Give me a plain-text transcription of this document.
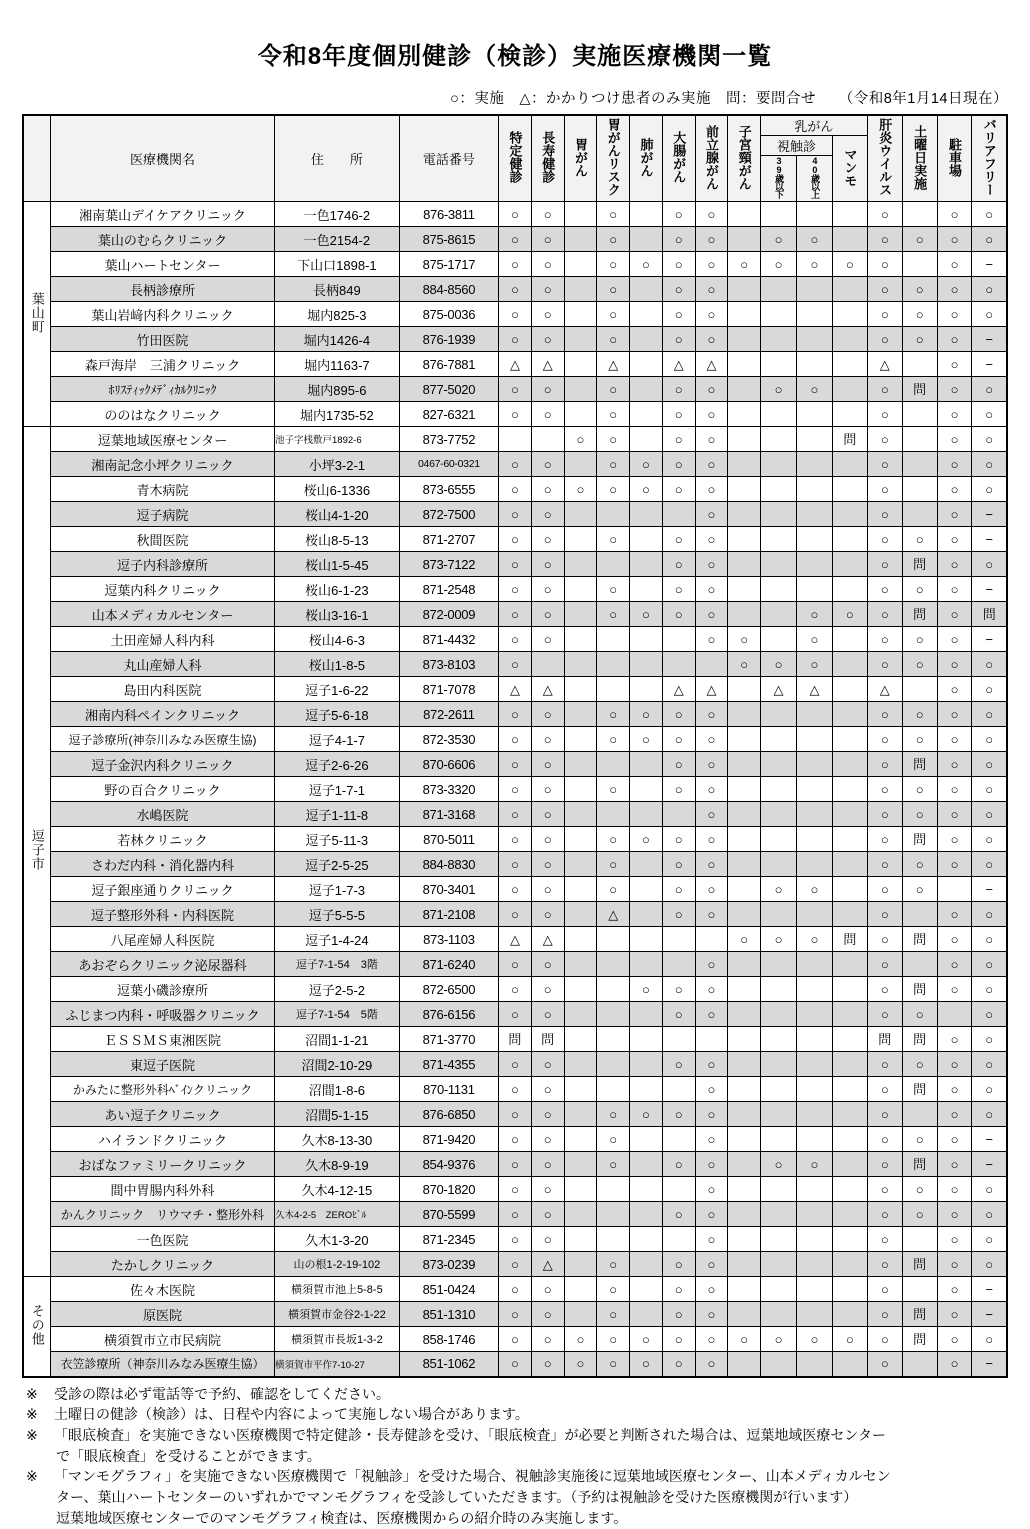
令和8年度個別健診（検診）実施医療機関一覧
○：実施　△：かかりつけ患者のみ実施　問：要問合せ　　（令和8年1月14日現在）
	医療機関名	住　　所	電話番号	特定健診	長寿健診	胃がん	胃がんリスク	肺がん	大腸がん	前立腺がん	子宮頸がん	乳がん			肝炎ウイルス	土曜日実施	駐車場	バリアフリー
												視触診		マンモ				
												39歳以下	40歳以上					
葉山町	湘南葉山デイケアクリニック	一色1746-2	876-3811	○	○		○		○	○					○		○	○
	葉山のむらクリニック	一色2154-2	875-8615	○	○		○		○	○		○	○		○	○	○	○
	葉山ハートセンター	下山口1898-1	875-1717	○	○		○	○	○	○	○	○	○	○	○		○	−
	長柄診療所	長柄849	884-8560	○	○		○		○	○					○	○	○	○
	葉山岩﨑内科クリニック	堀内825-3	875-0036	○	○		○		○	○					○	○	○	○
	竹田医院	堀内1426-4	876-1939	○	○		○		○	○					○	○	○	−
	森戸海岸　三浦クリニック	堀内1163-7	876-7881	△	△		△		△	△					△		○	−
	ﾎﾘｽﾃｨｯｸﾒﾃﾞｨｶﾙｸﾘﾆｯｸ	堀内895-6	877-5020	○	○		○		○	○		○	○		○	問	○	○
	ののはなクリニック	堀内1735-52	827-6321	○	○		○		○	○					○		○	○
逗子市	逗葉地域医療センター	池子字桟敷戸1892-6	873-7752			○	○		○	○				問	○		○	○
	湘南記念小坪クリニック	小坪3-2-1	0467-60-0321	○	○		○	○	○	○					○		○	○
	青木病院	桜山6-1336	873-6555	○	○	○	○	○	○	○					○		○	○
	逗子病院	桜山4-1-20	872-7500	○	○					○					○		○	−
	秋間医院	桜山8-5-13	871-2707	○	○		○		○	○					○	○	○	−
	逗子内科診療所	桜山1-5-45	873-7122	○	○				○	○					○	問	○	○
	逗葉内科クリニック	桜山6-1-23	871-2548	○	○		○		○	○					○	○	○	−
	山本メディカルセンター	桜山3-16-1	872-0009	○	○		○	○	○	○			○	○	○	問	○	問
	土田産婦人科内科	桜山4-6-3	871-4432	○	○					○	○		○		○	○	○	−
	丸山産婦人科	桜山1-8-5	873-8103	○							○	○	○		○	○	○	○
	島田内科医院	逗子1-6-22	871-7078	△	△				△	△		△	△		△		○	○
	湘南内科ペインクリニック	逗子5-6-18	872-2611	○	○		○	○	○	○					○	○	○	○
	逗子診療所(神奈川みなみ医療生協)	逗子4-1-7	872-3530	○	○		○	○	○	○					○	○	○	○
	逗子金沢内科クリニック	逗子2-6-26	870-6606	○	○				○	○					○	問	○	○
	野の百合クリニック	逗子1-7-1	873-3320	○	○		○		○	○					○	○	○	○
	水嶋医院	逗子1-11-8	871-3168	○	○					○					○	○	○	○
	若林クリニック	逗子5-11-3	870-5011	○	○		○	○	○	○					○	問	○	○
	さわだ内科・消化器内科	逗子2-5-25	884-8830	○	○		○		○	○					○	○	○	○
	逗子銀座通りクリニック	逗子1-7-3	870-3401	○	○		○		○	○		○	○		○	○		−
	逗子整形外科・内科医院	逗子5-5-5	871-2108	○	○		△		○	○					○		○	○
	八尾産婦人科医院	逗子1-4-24	873-1103	△	△						○	○	○	問	○	問	○	○
	あおぞらクリニック泌尿器科	逗子7-1-54　3階	871-6240	○	○					○					○		○	○
	逗葉小磯診療所	逗子2-5-2	872-6500	○	○			○	○	○					○	問	○	○
	ふじまつ内科・呼吸器クリニック	逗子7-1-54　5階	876-6156	○	○				○	○					○	○		○
	ＥＳＳＭＳ東湘医院	沼間1-1-21	871-3770	問	問										問	問	○	○
	東逗子医院	沼間2-10-29	871-4355	○	○				○	○					○	○	○	○
	かみたに整形外科ﾍﾞｲﾝクリニック	沼間1-8-6	870-1131	○	○					○					○	問	○	○
	あい逗子クリニック	沼間5-1-15	876-6850	○	○		○	○	○	○					○		○	○
	ハイランドクリニック	久木8-13-30	871-9420	○	○		○			○					○	○	○	−
	おばなファミリークリニック	久木8-9-19	854-9376	○	○		○		○	○		○	○		○	問	○	−
	間中胃腸内科外科	久木4-12-15	870-1820	○	○					○					○	○	○	○
	かんクリニック　リウマチ・整形外科	久木4-2-5　ZEROﾋﾞﾙ	870-5599	○	○				○	○					○	○	○	○
	一色医院	久木1-3-20	871-2345	○	○					○					○		○	○
	たかしクリニック	山の根1-2-19-102	873-0239	○	△		○		○	○					○	問	○	○
その他	佐々木医院	横須賀市池上5-8-5	851-0424	○	○		○		○	○					○		○	−
	原医院	横須賀市金谷2-1-22	851-1310	○	○		○		○	○					○	問	○	−
	横須賀市立市民病院	横須賀市長坂1-3-2	858-1746	○	○	○	○	○	○	○	○	○	○	○	○	問	○	○
	衣笠診療所（神奈川みなみ医療生協）	横須賀市平作7-10-27	851-1062	○	○	○	○	○	○	○					○		○	−
※ 受診の際は必ず電話等で予約、確認をしてください。
※ 土曜日の健診（検診）は、日程や内容によって実施しない場合があります。
※ 「眼底検査」を実施できない医療機関で特定健診・長寿健診を受け、「眼底検査」が必要と判断された場合は、逗葉地域医療センター
で「眼底検査」を受けることができます。
※ 「マンモグラフィ」を実施できない医療機関で「視触診」を受けた場合、視触診実施後に逗葉地域医療センター、山本メディカルセン
ター、葉山ハートセンターのいずれかでマンモグラフィを受診していただきます。（予約は視触診を受けた医療機関が行います）
逗葉地域医療センターでのマンモグラフィ検査は、医療機関からの紹介時のみ実施します。
